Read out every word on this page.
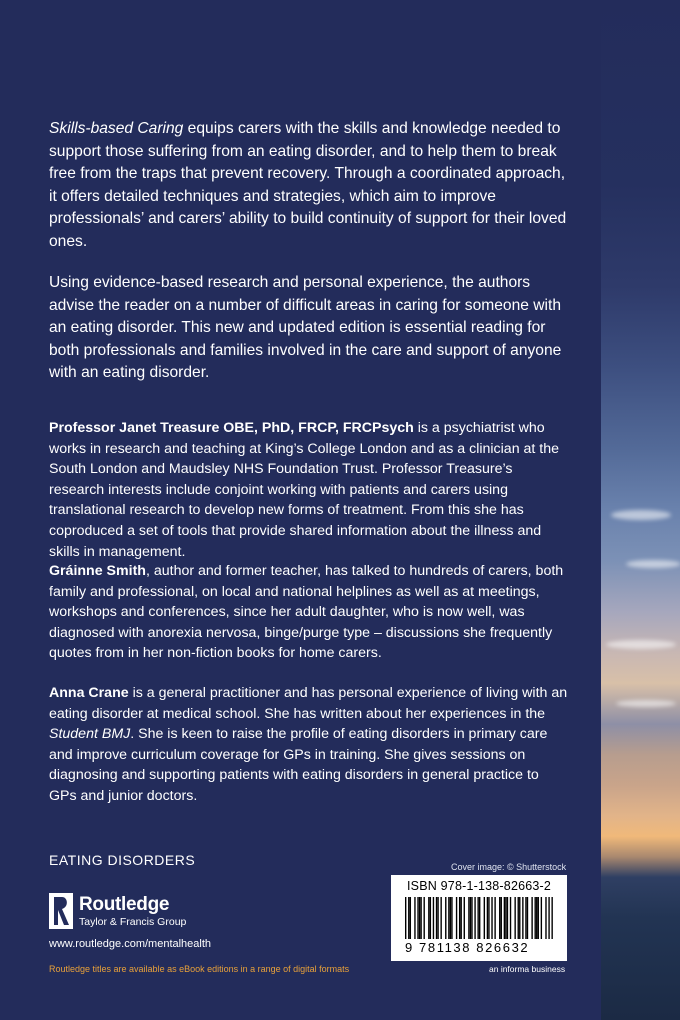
Skills-based Caring equips carers with the skills and knowledge needed to support those suffering from an eating disorder, and to help them to break free from the traps that prevent recovery. Through a coordinated approach, it offers detailed techniques and strategies, which aim to improve professionals’ and carers’ ability to build continuity of support for their loved ones.

Using evidence-based research and personal experience, the authors advise the reader on a number of difficult areas in caring for someone with an eating disorder. This new and updated edition is essential reading for both professionals and families involved in the care and support of anyone with an eating disorder.

Professor Janet Treasure OBE, PhD, FRCP, FRCPsych is a psychiatrist who works in research and teaching at King’s College London and as a clinician at the South London and Maudsley NHS Foundation Trust. Professor Treasure’s research interests include conjoint working with patients and carers using translational research to develop new forms of treatment. From this she has coproduced a set of tools that provide shared information about the illness and skills in management.

Gráinne Smith, author and former teacher, has talked to hundreds of carers, both family and professional, on local and national helplines as well as at meetings, workshops and conferences, since her adult daughter, who is now well, was diagnosed with anorexia nervosa, binge/purge type – discussions she frequently quotes from in her non-fiction books for home carers.

Anna Crane is a general practitioner and has personal experience of living with an eating disorder at medical school. She has written about her experiences in the Student BMJ. She is keen to raise the profile of eating disorders in primary care and improve curriculum coverage for GPs in training. She gives sessions on diagnosing and supporting patients with eating disorders in general practice to GPs and junior doctors.

EATING DISORDERS
Routledge
Taylor & Francis Group
www.routledge.com/mentalhealth
Routledge titles are available as eBook editions in a range of digital formats
Cover image: © Shutterstock
ISBN 978-1-138-82663-2
9 781138 826632
an informa business
